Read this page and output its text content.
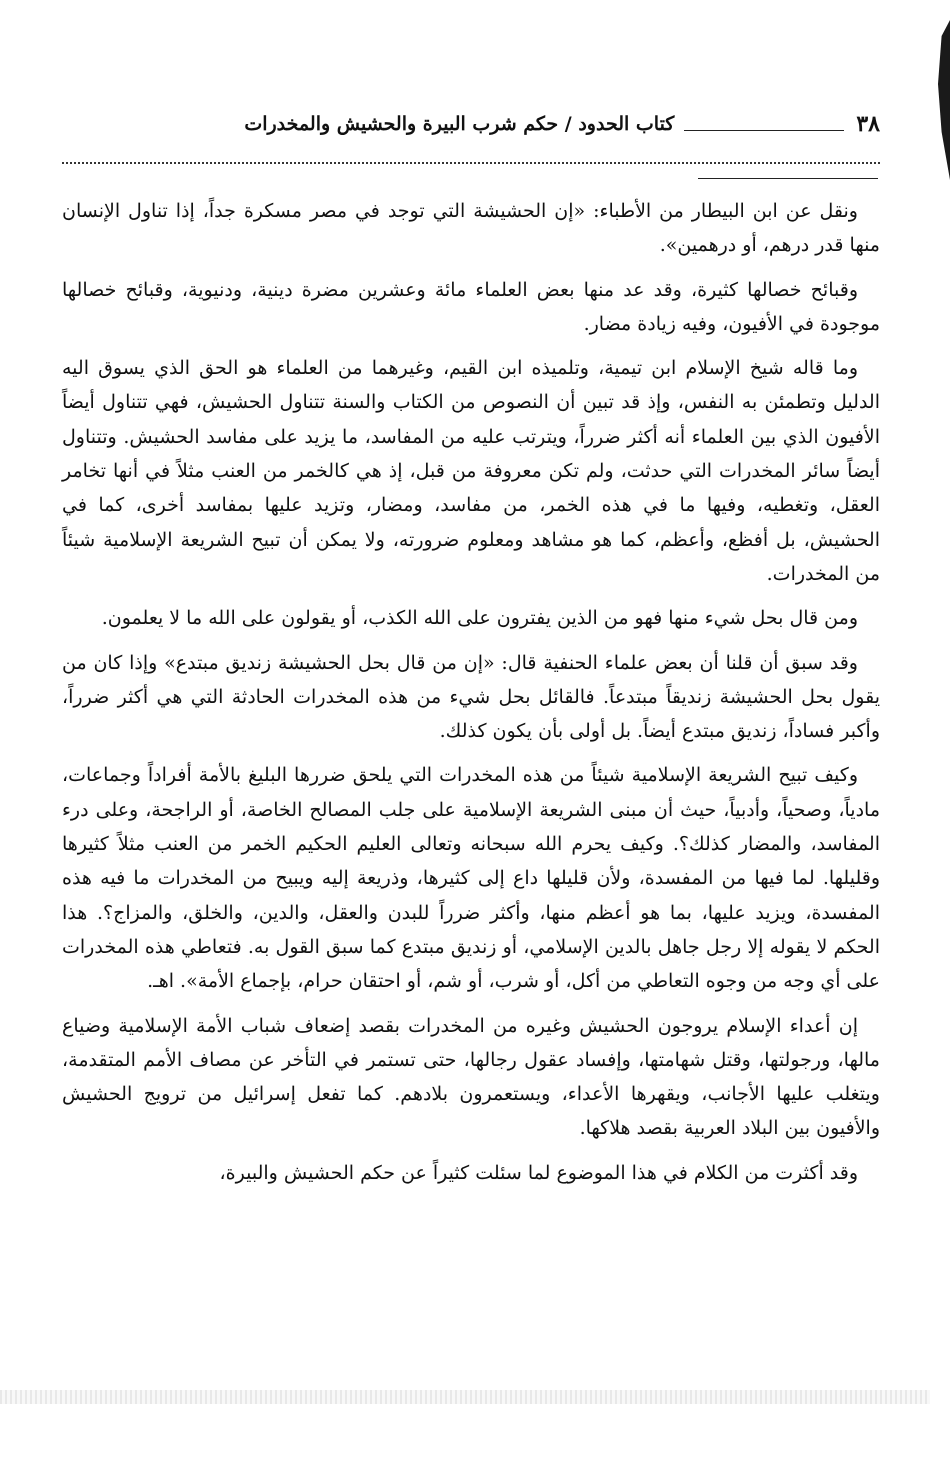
٣٨
كتاب الحدود / حكم شرب البيرة والحشيش والمخدرات

ونقل عن ابن البيطار من الأطباء: «إن الحشيشة التي توجد في مصر مسكرة جداً، إذا تناول الإنسان منها قدر درهم، أو درهمين».

وقبائح خصالها كثيرة، وقد عد منها بعض العلماء مائة وعشرين مضرة دينية، ودنيوية، وقبائح خصالها موجودة في الأفيون، وفيه زيادة مضار.

وما قاله شيخ الإسلام ابن تيمية، وتلميذه ابن القيم، وغيرهما من العلماء هو الحق الذي يسوق اليه الدليل وتطمئن به النفس، وإذ قد تبين أن النصوص من الكتاب والسنة تتناول الحشيش، فهي تتناول أيضاً الأفيون الذي بين العلماء أنه أكثر ضرراً، ويترتب عليه من المفاسد، ما يزيد على مفاسد الحشيش. وتتناول أيضاً سائر المخدرات التي حدثت، ولم تكن معروفة من قبل، إذ هي كالخمر من العنب مثلاً في أنها تخامر العقل، وتغطيه، وفيها ما في هذه الخمر، من مفاسد، ومضار، وتزيد عليها بمفاسد أخرى، كما في الحشيش، بل أفظع، وأعظم، كما هو مشاهد ومعلوم ضرورته، ولا يمكن أن تبيح الشريعة الإسلامية شيئاً من المخدرات.

ومن قال بحل شيء منها فهو من الذين يفترون على الله الكذب، أو يقولون على الله ما لا يعلمون.

وقد سبق أن قلنا أن بعض علماء الحنفية قال: «إن من قال بحل الحشيشة زنديق مبتدع» وإذا كان من يقول بحل الحشيشة زنديقاً مبتدعاً. فالقائل بحل شيء من هذه المخدرات الحادثة التي هي أكثر ضرراً، وأكبر فساداً، زنديق مبتدع أيضاً. بل أولى بأن يكون كذلك.

وكيف تبيح الشريعة الإسلامية شيئاً من هذه المخدرات التي يلحق ضررها البليغ بالأمة أفراداً وجماعات، مادياً، وصحياً، وأدبياً، حيث أن مبنى الشريعة الإسلامية على جلب المصالح الخاصة، أو الراجحة، وعلى درء المفاسد، والمضار كذلك؟. وكيف يحرم الله سبحانه وتعالى العليم الحكيم الخمر من العنب مثلاً كثيرها وقليلها. لما فيها من المفسدة، ولأن قليلها داع إلى كثيرها، وذريعة إليه ويبيح من المخدرات ما فيه هذه المفسدة، ويزيد عليها، بما هو أعظم منها، وأكثر ضرراً للبدن والعقل، والدين، والخلق، والمزاج؟. هذا الحكم لا يقوله إلا رجل جاهل بالدين الإسلامي، أو زنديق مبتدع كما سبق القول به. فتعاطي هذه المخدرات على أي وجه من وجوه التعاطي من أكل، أو شرب، أو شم، أو احتقان حرام، بإجماع الأمة». اهـ.

إن أعداء الإسلام يروجون الحشيش وغيره من المخدرات بقصد إضعاف شباب الأمة الإسلامية وضياع مالها، ورجولتها، وقتل شهامتها، وإفساد عقول رجالها، حتى تستمر في التأخر عن مصاف الأمم المتقدمة، ويتغلب عليها الأجانب، ويقهرها الأعداء، ويستعمرون بلادهم. كما تفعل إسرائيل من ترويج الحشيش والأفيون بين البلاد العربية بقصد هلاكها.

وقد أكثرت من الكلام في هذا الموضوع لما سئلت كثيراً عن حكم الحشيش والبيرة،
